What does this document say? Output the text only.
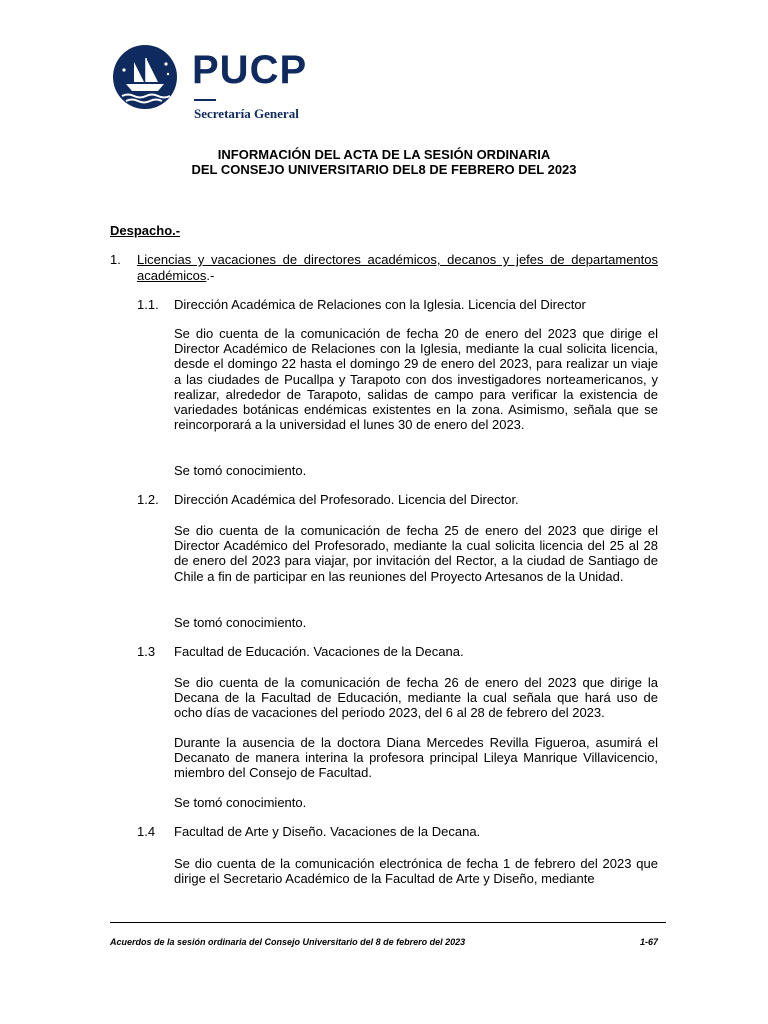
PUCP
Secretaría General
INFORMACIÓN DEL ACTA DE LA SESIÓN ORDINARIA
DEL CONSEJO UNIVERSITARIO DEL8 DE FEBRERO DEL 2023
Despacho.-
1. Licencias y vacaciones de directores académicos, decanos y jefes de departamentos académicos.-
1.1. Dirección Académica de Relaciones con la Iglesia. Licencia del Director

Se dio cuenta de la comunicación de fecha 20 de enero del 2023 que dirige el Director Académico de Relaciones con la Iglesia, mediante la cual solicita licencia, desde el domingo 22 hasta el domingo 29 de enero del 2023, para realizar un viaje a las ciudades de Pucallpa y Tarapoto con dos investigadores norteamericanos, y realizar, alrededor de Tarapoto, salidas de campo para verificar la existencia de variedades botánicas endémicas existentes en la zona. Asimismo, señala que se reincorporará a la universidad el lunes 30 de enero del 2023.

Se tomó conocimiento.

1.2. Dirección Académica del Profesorado. Licencia del Director.

Se dio cuenta de la comunicación de fecha 25 de enero del 2023 que dirige el Director Académico del Profesorado, mediante la cual solicita licencia del 25 al 28 de enero del 2023 para viajar, por invitación del Rector, a la ciudad de Santiago de Chile a fin de participar en las reuniones del Proyecto Artesanos de la Unidad.

Se tomó conocimiento.

1.3 Facultad de Educación. Vacaciones de la Decana.

Se dio cuenta de la comunicación de fecha 26 de enero del 2023 que dirige la Decana de la Facultad de Educación, mediante la cual señala que hará uso de ocho días de vacaciones del periodo 2023, del 6 al 28 de febrero del 2023.

Durante la ausencia de la doctora Diana Mercedes Revilla Figueroa, asumirá el Decanato de manera interina la profesora principal Lileya Manrique Villavicencio, miembro del Consejo de Facultad.

Se tomó conocimiento.

1.4 Facultad de Arte y Diseño. Vacaciones de la Decana.

Se dio cuenta de la comunicación electrónica de fecha 1 de febrero del 2023 que dirige el Secretario Académico de la Facultad de Arte y Diseño, mediante

Acuerdos de la sesión ordinaria del Consejo Universitario del 8 de febrero del 2023	1-67
